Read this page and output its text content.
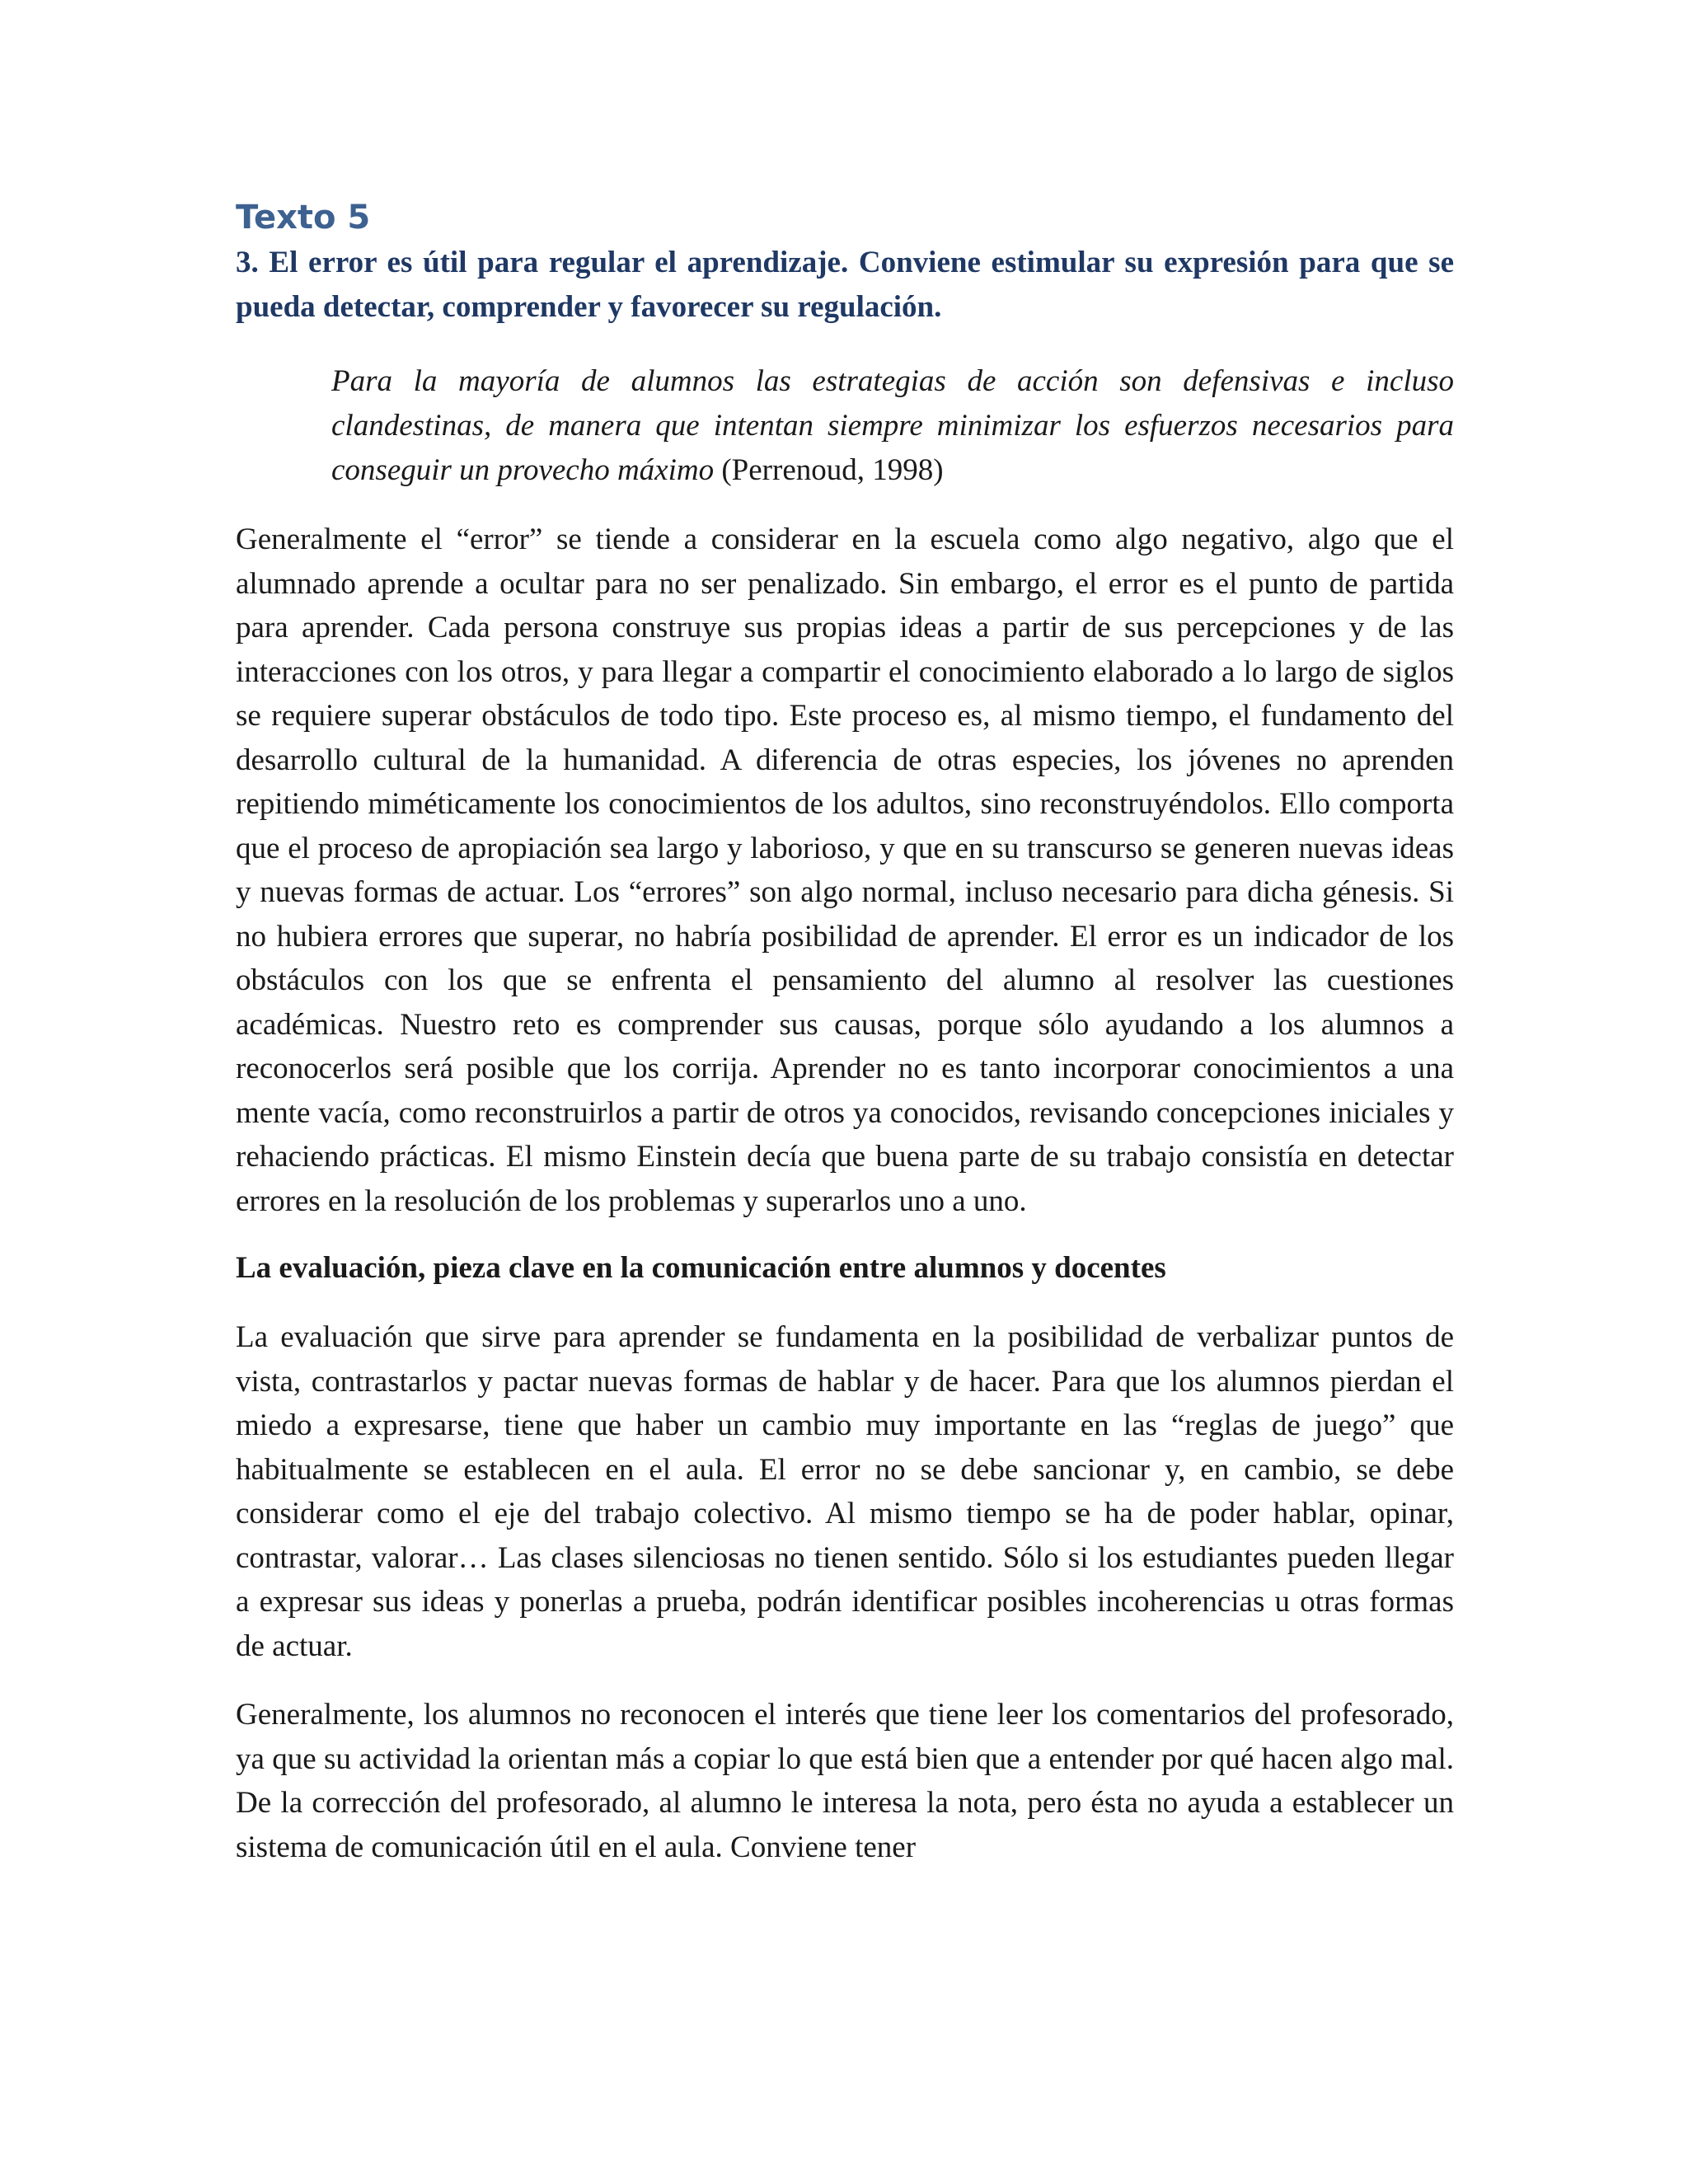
Texto 5

3. El error es útil para regular el aprendizaje. Conviene estimular su expresión para que se pueda detectar, comprender y favorecer su regulación.

Para la mayoría de alumnos las estrategias de acción son defensivas e incluso clandestinas, de manera que intentan siempre minimizar los esfuerzos necesarios para conseguir un provecho máximo (Perrenoud, 1998)

Generalmente el “error” se tiende a considerar en la escuela como algo negativo, algo que el alumnado aprende a ocultar para no ser penalizado. Sin embargo, el error es el punto de partida para aprender. Cada persona construye sus propias ideas a partir de sus percepciones y de las interacciones con los otros, y para llegar a compartir el conocimiento elaborado a lo largo de siglos se requiere superar obstáculos de todo tipo. Este proceso es, al mismo tiempo, el fundamento del desarrollo cultural de la humanidad. A diferencia de otras especies, los jóvenes no aprenden repitiendo miméticamente los conocimientos de los adultos, sino reconstruyéndolos. Ello comporta que el proceso de apropiación sea largo y laborioso, y que en su transcurso se generen nuevas ideas y nuevas formas de actuar. Los “errores” son algo normal, incluso necesario para dicha génesis. Si no hubiera errores que superar, no habría posibilidad de aprender. El error es un indicador de los obstáculos con los que se enfrenta el pensamiento del alumno al resolver las cuestiones académicas. Nuestro reto es comprender sus causas, porque sólo ayudando a los alumnos a reconocerlos será posible que los corrija. Aprender no es tanto incorporar conocimientos a una mente vacía, como reconstruirlos a partir de otros ya conocidos, revisando concepciones iniciales y rehaciendo prácticas. El mismo Einstein decía que buena parte de su trabajo consistía en detectar errores en la resolución de los problemas y superarlos uno a uno.

La evaluación, pieza clave en la comunicación entre alumnos y docentes

La evaluación que sirve para aprender se fundamenta en la posibilidad de verbalizar puntos de vista, contrastarlos y pactar nuevas formas de hablar y de hacer. Para que los alumnos pierdan el miedo a expresarse, tiene que haber un cambio muy importante en las “reglas de juego” que habitualmente se establecen en el aula. El error no se debe sancionar y, en cambio, se debe considerar como el eje del trabajo colectivo. Al mismo tiempo se ha de poder hablar, opinar, contrastar, valorar… Las clases silenciosas no tienen sentido. Sólo si los estudiantes pueden llegar a expresar sus ideas y ponerlas a prueba, podrán identificar posibles incoherencias u otras formas de actuar.

Generalmente, los alumnos no reconocen el interés que tiene leer los comentarios del profesorado, ya que su actividad la orientan más a copiar lo que está bien que a entender por qué hacen algo mal. De la corrección del profesorado, al alumno le interesa la nota, pero ésta no ayuda a establecer un sistema de comunicación útil en el aula. Conviene tener
